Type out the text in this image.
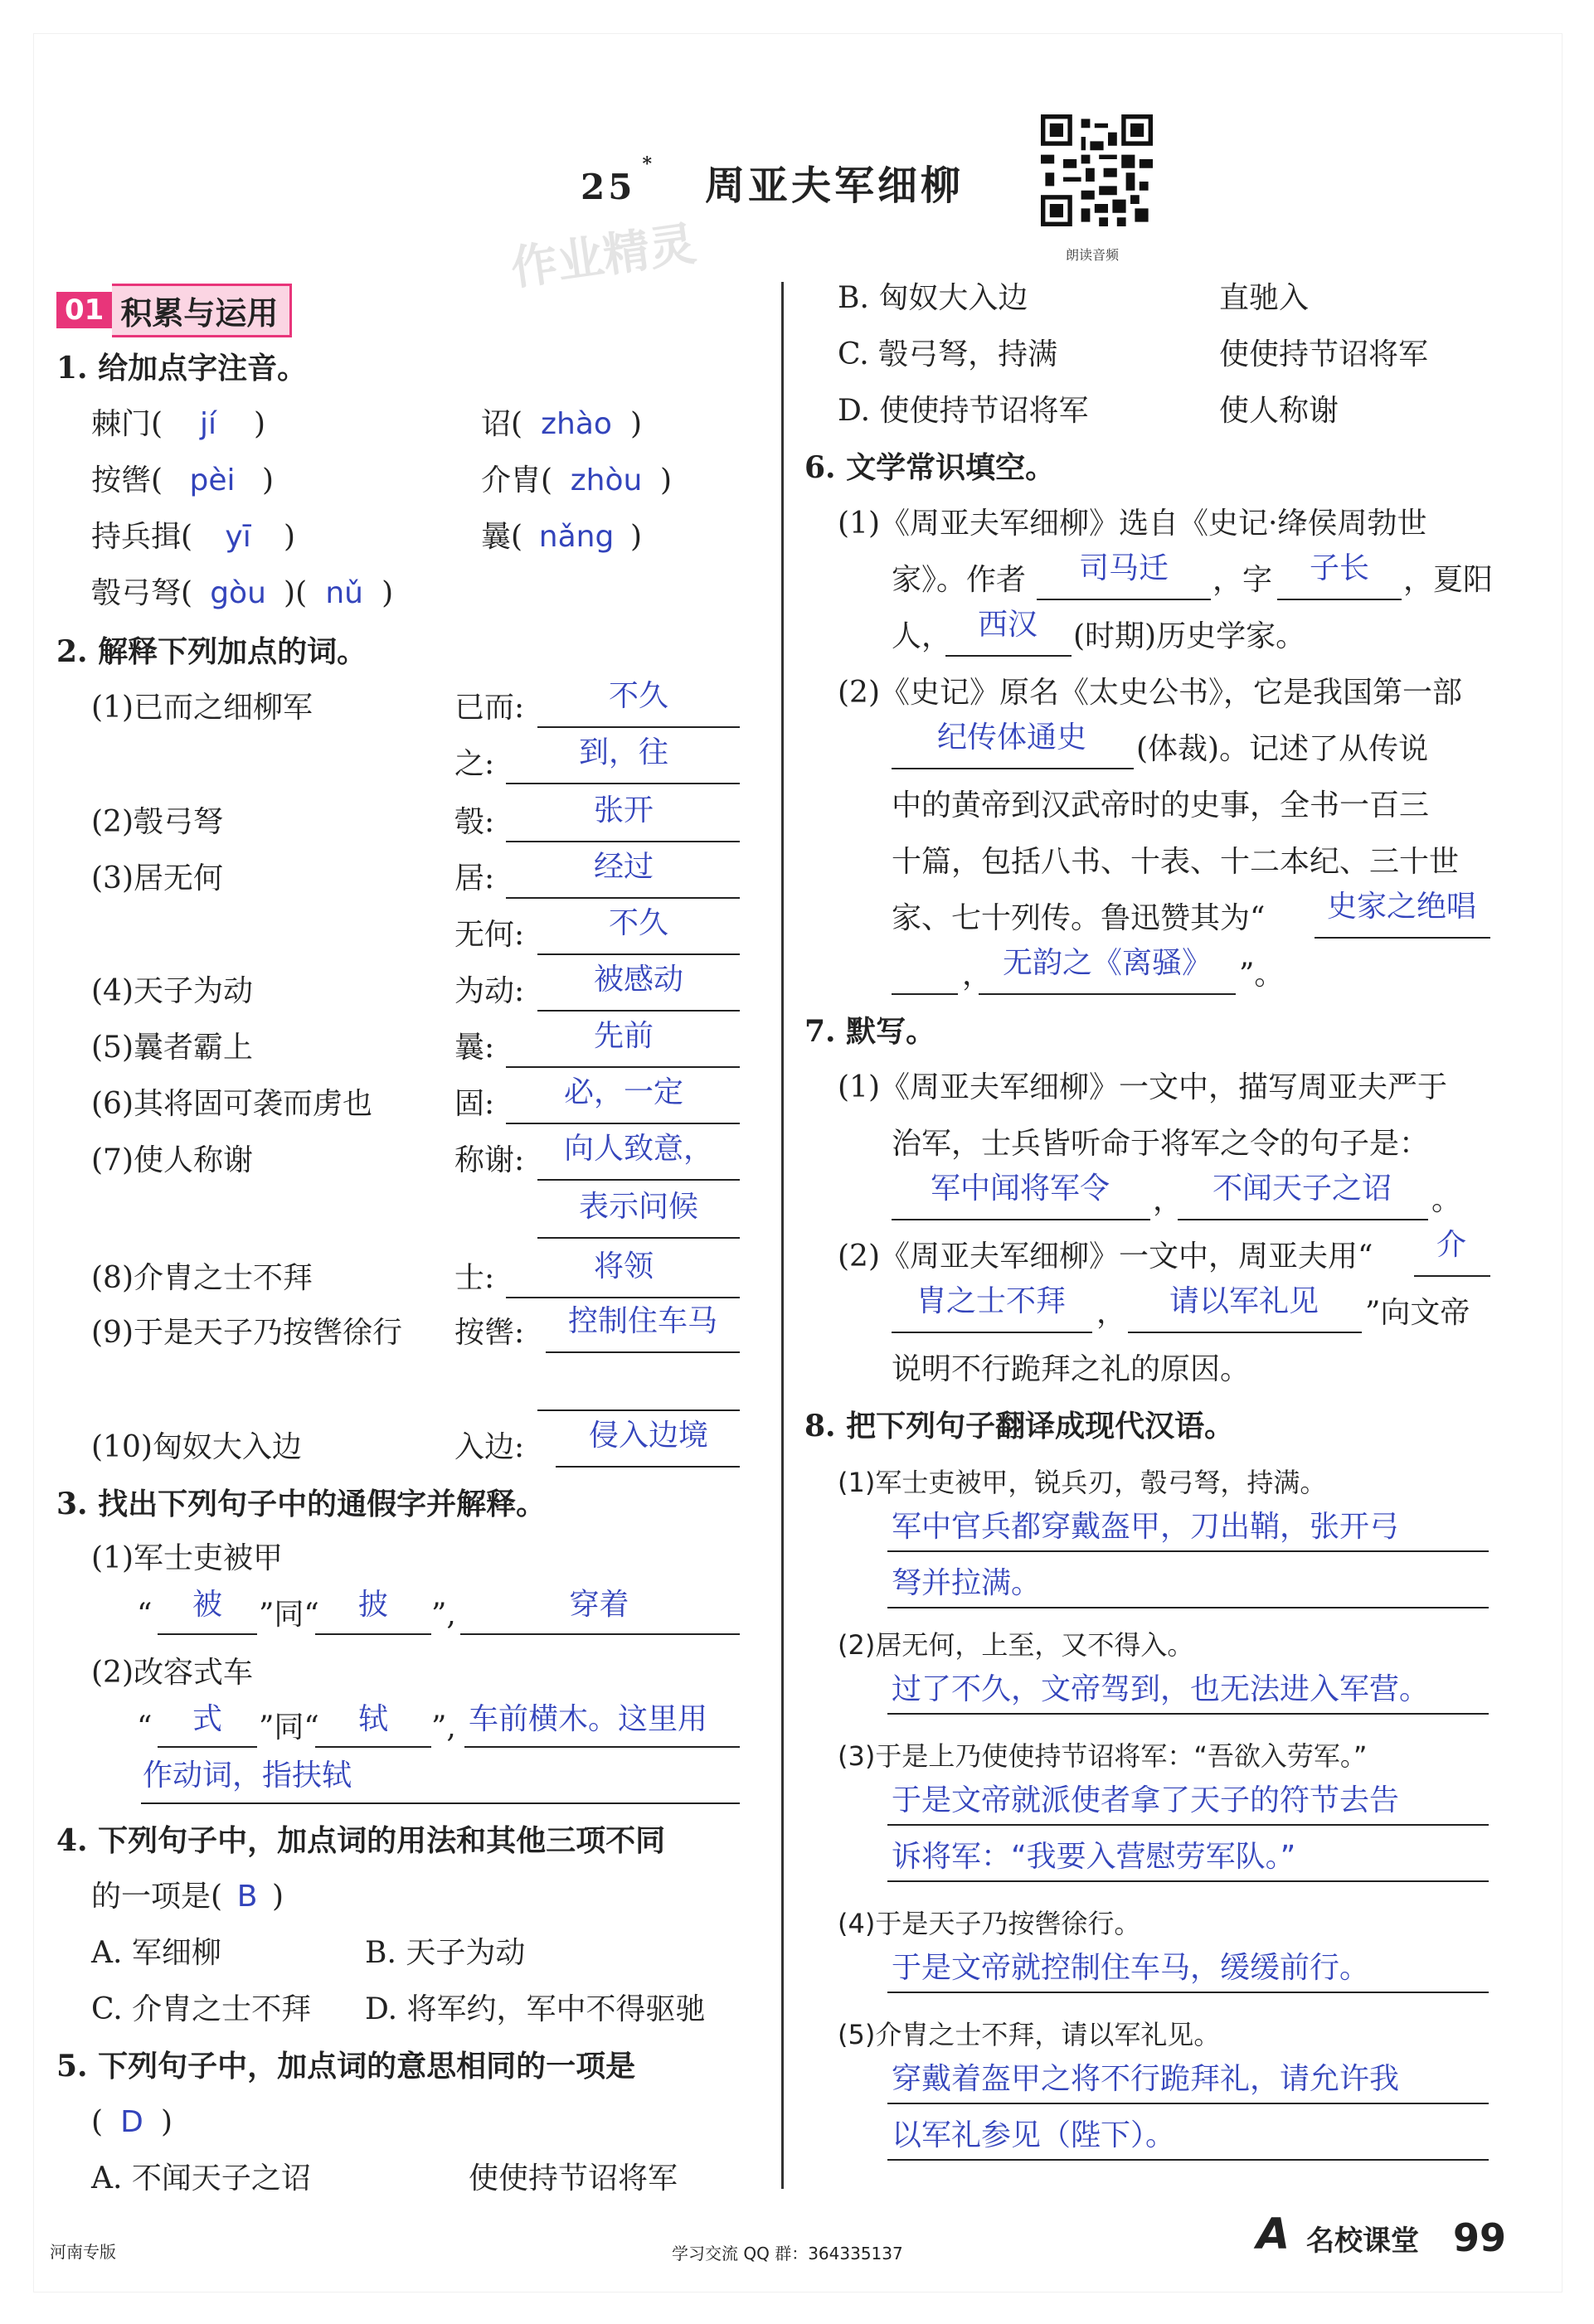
25* 周亚夫军细柳
朗读音频
作业精灵
01 积累与运用
1. 给加点字注音。
棘门( jí )	诏( zhào )
按辔( pèi )	介胄( zhòu )
持兵揖( yī )	曩( nǎng )
彀弓弩( gòu )( nǔ )
2. 解释下列加点的词。
(1)已而之细柳军	已而:	不久
之:	到，往
(2)彀弓弩	彀:	张开
(3)居无何	居:	经过
无何:	不久
(4)天子为动	为动:	被感动
(5)曩者霸上	曩:	先前
(6)其将固可袭而虏也	固:	必，一定
(7)使人称谢	称谢:	向人致意，
表示问候
(8)介胄之士不拜	士:	将领
(9)于是天子乃按辔徐行 按辔:	控制住车马
(10)匈奴大入边	入边:	侵入边境
3. 找出下列句子中的通假字并解释。
(1)军士吏被甲
“	被	”同“	披	”,	穿着
(2)改容式车
“	式	”同“	轼	”, 车前横木。这里用
作动词，指扶轼
4. 下列句子中，加点词的用法和其他三项不同
的一项是( B )
A. 军细柳	B. 天子为动
C. 介胄之士不拜 D. 将军约，军中不得驱驰
5. 下列句子中，加点词的意思相同的一项是
( D )
A. 不闻天子之诏	使使持节诏将军
B. 匈奴大入边	直驰入
C. 彀弓弩，持满	使使持节诏将军
D. 使使持节诏将军	使人称谢
6. 文学常识填空。
(1)《周亚夫军细柳》选自《史记·绛侯周勃世
家》。作者	司马迁	，字	子长	，夏阳
人， 西汉	(时期)历史学家。
(2)《史记》原名《太史公书》，它是我国第一部
纪传体通史	(体裁)。记述了从传说
中的黄帝到汉武帝时的史事，全书一百三
十篇，包括八书、十表、十二本纪、三十世
家、七十列传。鲁迅赞其为“	史家之绝唱
， 无韵之《离骚》 ”。
7. 默写。
(1)《周亚夫军细柳》一文中，描写周亚夫严于
治军，士兵皆听命于将军之令的句子是：
军中闻将军令	， 不闻天子之诏	。
(2)《周亚夫军细柳》一文中，周亚夫用“	介
胄之士不拜	，	请以军礼见	”向文帝
说明不行跪拜之礼的原因。
8. 把下列句子翻译成现代汉语。
(1)军士吏被甲，锐兵刃，彀弓弩，持满。
军中官兵都穿戴盔甲，刀出鞘，张开弓
弩并拉满。
(2)居无何，上至，又不得入。
过了不久，文帝驾到，也无法进入军营。
(3)于是上乃使使持节诏将军：“吾欲入劳军。”
于是文帝就派使者拿了天子的符节去告
诉将军：“我要入营慰劳军队。”
(4)于是天子乃按辔徐行。
于是文帝就控制住车马，缓缓前行。
(5)介胄之士不拜，请以军礼见。
穿戴着盔甲之将不行跪拜礼，请允许我
以军礼参见（陛下）。
河南专版	学习交流 QQ 群：364335137	A 名校课堂 99
